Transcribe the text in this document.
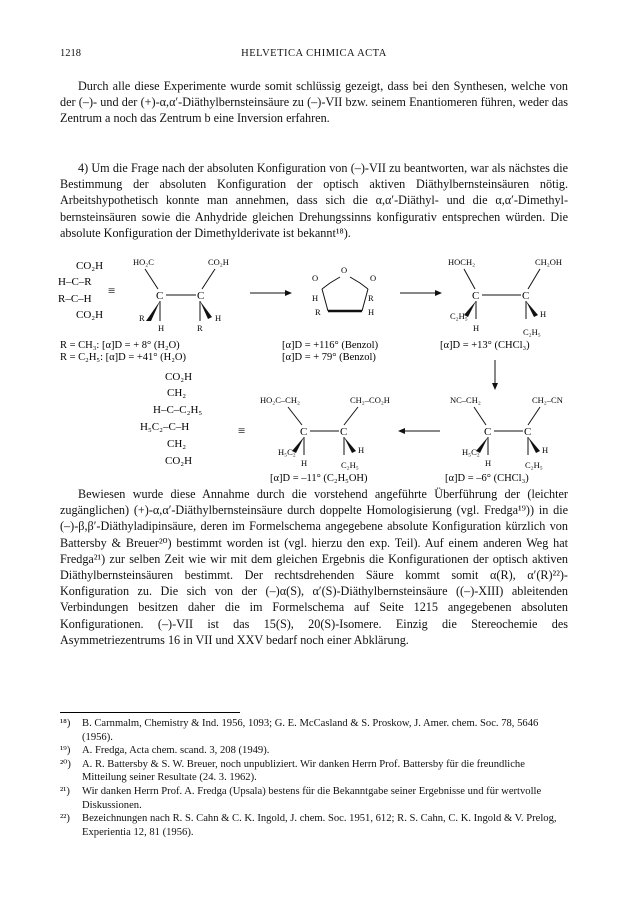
1218	HELVETICA CHIMICA ACTA

Durch alle diese Experimente wurde somit schlüssig gezeigt, dass bei den Synthesen, welche von der (–)- und der (+)-α,α′-Diäthylbernsteinsäure zu (–)-VII bzw. seinem Enantiomeren führen, weder das Zentrum a noch das Zentrum b eine Inversion erfahren.

4) Um die Frage nach der absoluten Konfiguration von (–)-VII zu beantworten, war als nächstes die Bestimmung der absoluten Konfiguration der optisch aktiven Diäthylbernsteinsäuren nötig. Arbeitshypothetisch konnte man annehmen, dass sich die α,α′-Diäthyl- und die α,α′-Dimethyl-bernsteinsäuren sowie die Anhydride gleichen Drehungssinns konfigurativ entsprechen würden. Die absolute Konfiguration der Dimethylderivate ist bekannt¹⁸).

CO₂H
H–C–R
R–C–H
CO₂H
≡
HO₂C	CO₂H
C	C
H	R
H
R
O
O	O
H
R
R
H
HOCH₂	CH₂OH
C	C
C₂H₅	H
H	C₂H₅
R = CH₃: [α]D = + 8° (H₂O)
R = C₂H₅: [α]D = +41° (H₂O)
[α]D = +116° (Benzol)
[α]D = + 79° (Benzol)
[α]D = +13° (CHCl₃)
CO₂H
CH₂
H–C–C₂H₅
H₅C₂–C–H
CH₂
CO₂H
≡
HO₂C–CH₂	CH₂–CO₂H
C	C
H₅C₂	H
H	C₂H₅
NC–CH₂	CH₂–CN
C	C
H₅C₂	H
H	C₂H₅
[α]D = –11° (C₂H₅OH)	[α]D = –6° (CHCl₃)

Bewiesen wurde diese Annahme durch die vorstehend angeführte Überführung der (leichter zugänglichen) (+)-α,α′-Diäthylbernsteinsäure durch doppelte Homologisierung (vgl. Fredga¹⁹)) in die (–)-β,β′-Diäthyladipinsäure, deren im Formelschema angegebene absolute Konfiguration kürzlich von Battersby & Breuer²⁰) bestimmt worden ist (vgl. hierzu den exp. Teil). Auf einem anderen Weg hat Fredga²¹) zur selben Zeit wie wir mit dem gleichen Ergebnis die Konfigurationen der optisch aktiven Diäthylbernsteinsäuren bestimmt. Der rechtsdrehenden Säure kommt somit α(R), α′(R)²²)-Konfiguration zu. Die sich von der (–)α(S), α′(S)-Diäthylbernsteinsäure ((–)-XIII) ableitenden Verbindungen besitzen daher die im Formelschema auf Seite 1215 angegebenen absoluten Konfigurationen. (–)-VII ist das 15(S), 20(S)-Isomere. Einzig die Stereochemie des Asymmetriezentrums 16 in VII und XXV bedarf noch einer Abklärung.

¹⁸) B. Carnmalm, Chemistry & Ind. 1956, 1093; G. E. McCasland & S. Proskow, J. Amer. chem. Soc. 78, 5646 (1956).
¹⁹) A. Fredga, Acta chem. scand. 3, 208 (1949).
²⁰) A. R. Battersby & S. W. Breuer, noch unpubliziert. Wir danken Herrn Prof. Battersby für die freundliche Mitteilung seiner Resultate (24. 3. 1962).
²¹) Wir danken Herrn Prof. A. Fredga (Upsala) bestens für die Bekanntgabe seiner Ergebnisse und für wertvolle Diskussionen.
²²) Bezeichnungen nach R. S. Cahn & C. K. Ingold, J. chem. Soc. 1951, 612; R. S. Cahn, C. K. Ingold & V. Prelog, Experientia 12, 81 (1956).
